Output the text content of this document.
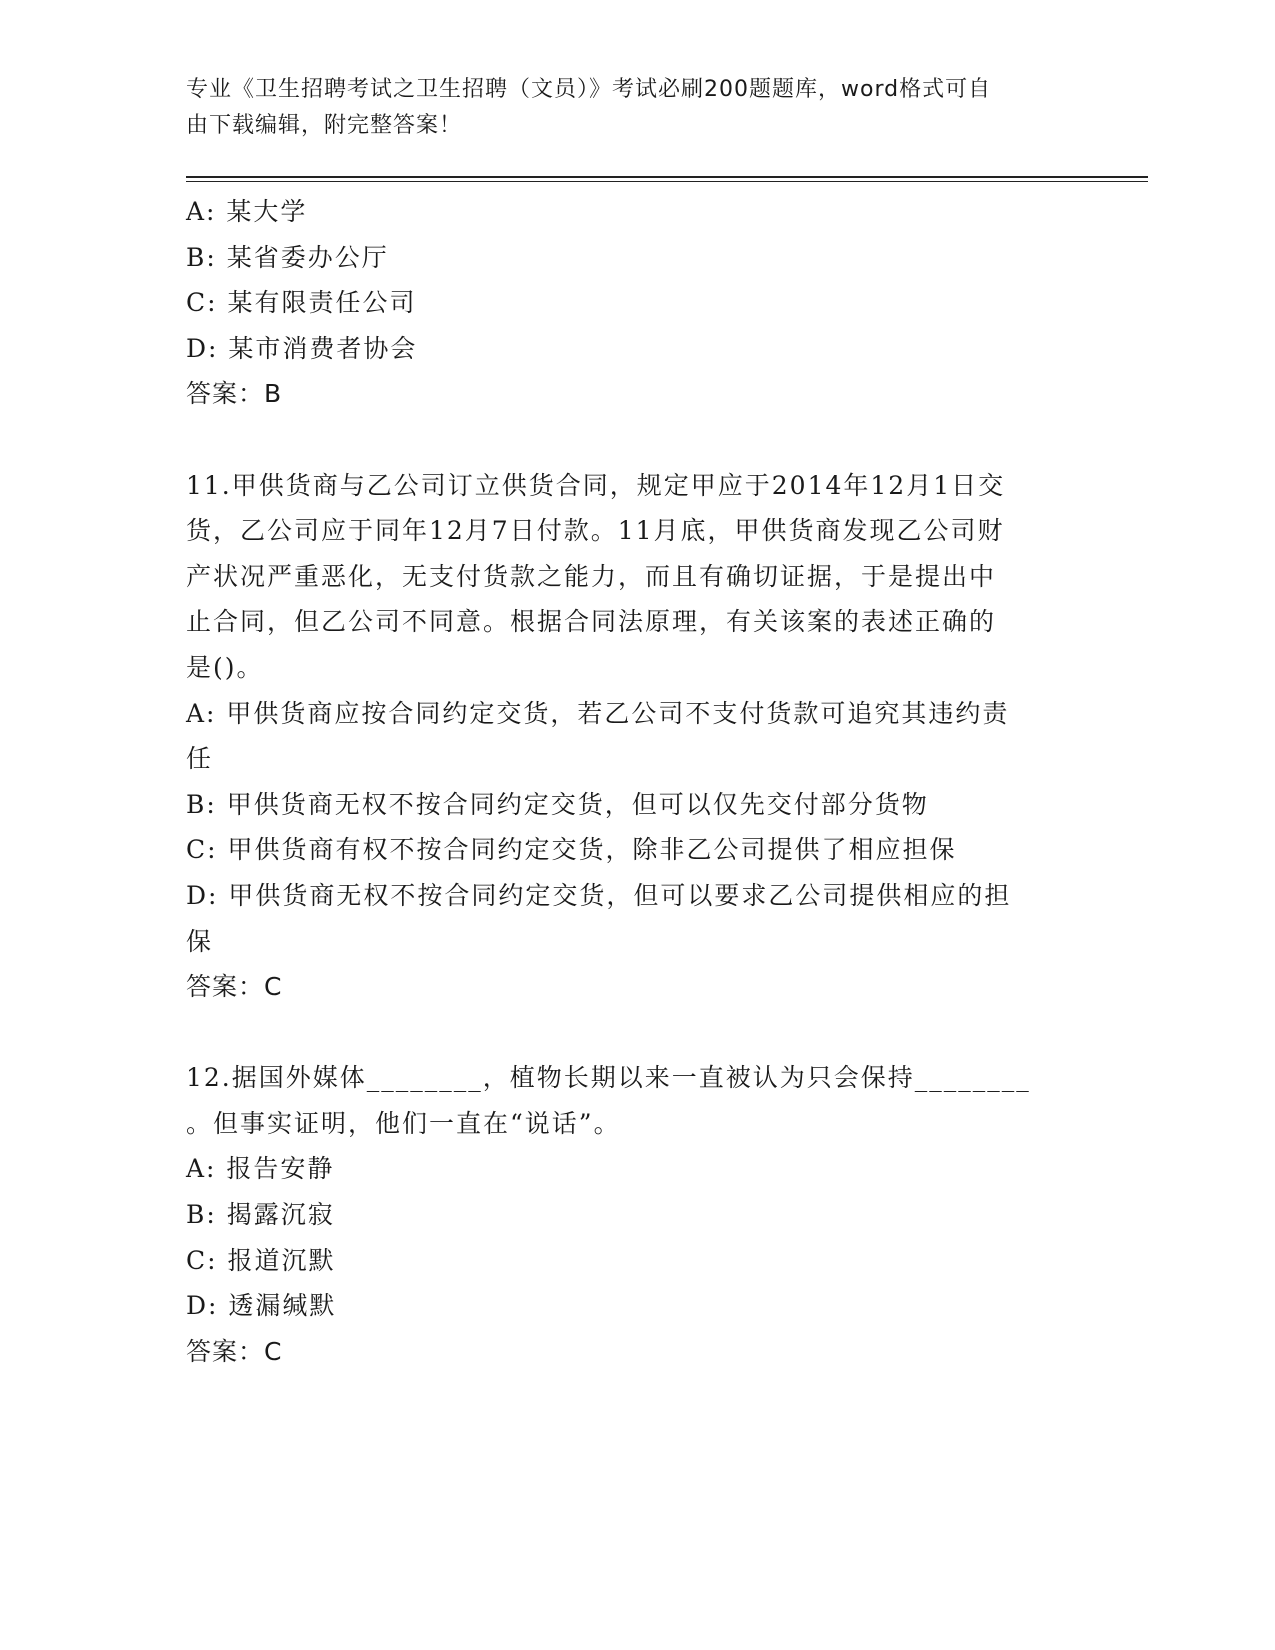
专业《卫生招聘考试之卫生招聘（文员）》考试必刷200题题库，word格式可自
由下载编辑，附完整答案！
A: 某大学
B: 某省委办公厅
C: 某有限责任公司
D: 某市消费者协会
答案：B
11.甲供货商与乙公司订立供货合同，规定甲应于2014年12月1日交
货，乙公司应于同年12月7日付款。11月底，甲供货商发现乙公司财
产状况严重恶化，无支付货款之能力，而且有确切证据，于是提出中
止合同，但乙公司不同意。根据合同法原理，有关该案的表述正确的
是()。
A: 甲供货商应按合同约定交货，若乙公司不支付货款可追究其违约责
任
B: 甲供货商无权不按合同约定交货，但可以仅先交付部分货物
C: 甲供货商有权不按合同约定交货，除非乙公司提供了相应担保
D: 甲供货商无权不按合同约定交货，但可以要求乙公司提供相应的担
保
答案：C
12.据国外媒体________，植物长期以来一直被认为只会保持________
。但事实证明，他们一直在“说话”。
A: 报告安静
B: 揭露沉寂
C: 报道沉默
D: 透漏缄默
答案：C
